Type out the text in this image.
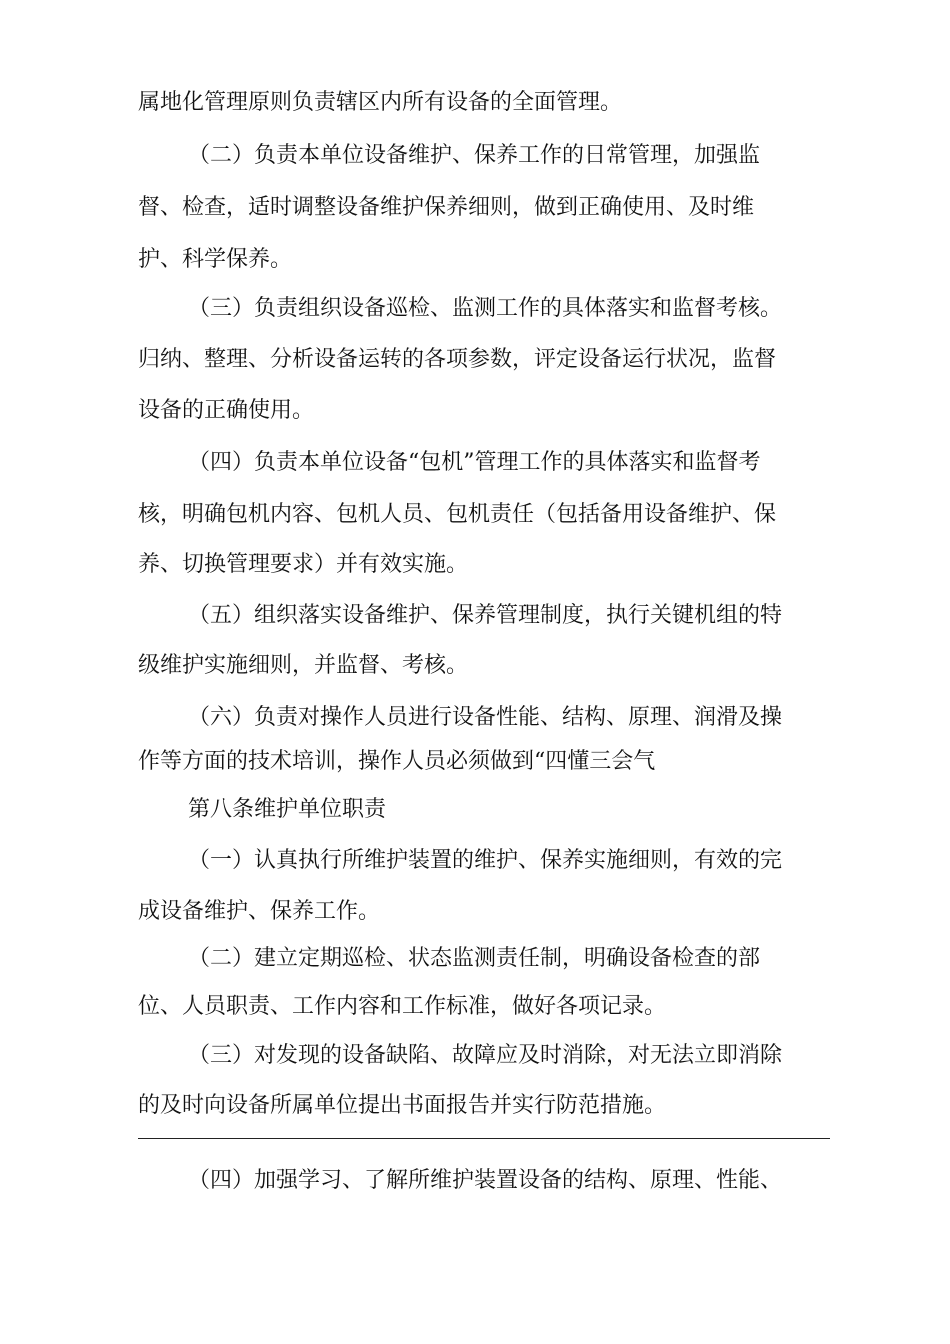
属地化管理原则负责辖区内所有设备的全面管理。
（二）负责本单位设备维护、保养工作的日常管理，加强监
督、检查，适时调整设备维护保养细则，做到正确使用、及时维
护、科学保养。
（三）负责组织设备巡检、监测工作的具体落实和监督考核。
归纳、整理、分析设备运转的各项参数，评定设备运行状况，监督
设备的正确使用。
（四）负责本单位设备“包机”管理工作的具体落实和监督考
核，明确包机内容、包机人员、包机责任（包括备用设备维护、保
养、切换管理要求）并有效实施。
（五）组织落实设备维护、保养管理制度，执行关键机组的特
级维护实施细则，并监督、考核。
（六）负责对操作人员进行设备性能、结构、原理、润滑及操
作等方面的技术培训，操作人员必须做到“四懂三会气
第八条维护单位职责
（一）认真执行所维护装置的维护、保养实施细则，有效的完
成设备维护、保养工作。
（二）建立定期巡检、状态监测责任制，明确设备检查的部
位、人员职责、工作内容和工作标准，做好各项记录。
（三）对发现的设备缺陷、故障应及时消除，对无法立即消除
的及时向设备所属单位提出书面报告并实行防范措施。
（四）加强学习、了解所维护装置设备的结构、原理、性能、
